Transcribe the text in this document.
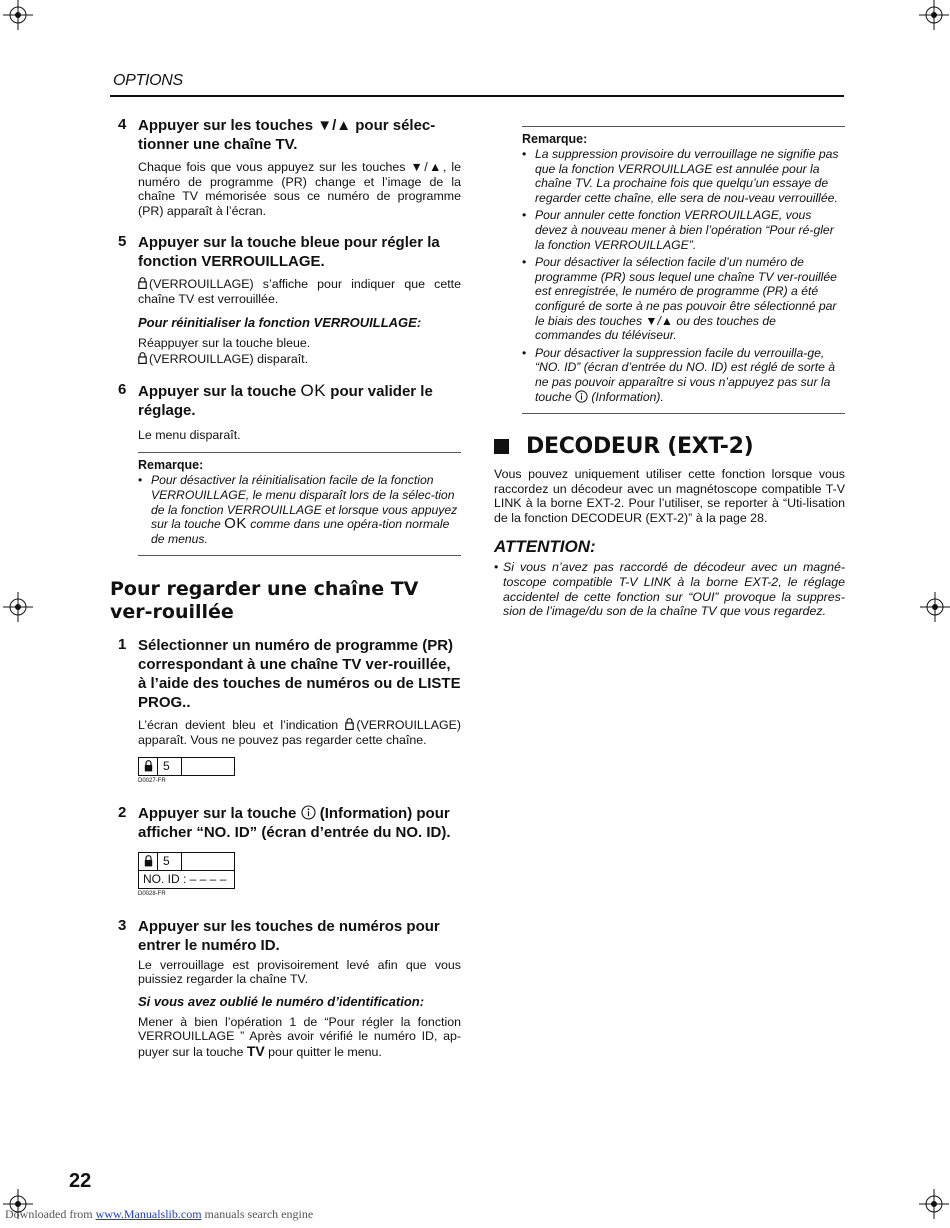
OPTIONS
4 Appuyer sur les touches ▼/▲ pour sélec-tionner une chaîne TV.

Chaque fois que vous appuyez sur les touches ▼/▲, le numéro de programme (PR) change et l’image de la chaîne TV mémorisée sous ce numéro de programme (PR) apparaît à l’écran.

5 Appuyer sur la touche bleue pour régler la fonction VERROUILLAGE.

(VERROUILLAGE) s’affiche pour indiquer que cette chaîne TV est verrouillée.

Pour réinitialiser la fonction VERROUILLAGE:

Réappuyer sur la touche bleue.

(VERROUILLAGE) disparaît.

6 Appuyer sur la touche OK pour valider le réglage.

Le menu disparaît.

Remarque:

• Pour désactiver la réinitialisation facile de la fonction VERROUILLAGE, le menu disparaît lors de la sélec-tion de la fonction VERROUILLAGE et lorsque vous appuyez sur la touche OK comme dans une opéra-tion normale de menus.

Pour regarder une chaîne TV ver-rouillée

1 Sélectionner un numéro de programme (PR) correspondant à une chaîne TV ver-rouillée, à l’aide des touches de numéros ou de LISTE PROG..

L’écran devient bleu et l’indication (VERROUILLAGE) apparaît. Vous ne pouvez pas regarder cette chaîne.

5
D0027-FR
2 Appuyer sur la touche  (Information) pour afficher “NO. ID” (écran d’entrée du NO. ID).

5
NO. ID : – – – –
D0028-FR
3 Appuyer sur les touches de numéros pour entrer le numéro ID.

Le verrouillage est provisoirement levé afin que vous puissiez regarder la chaîne TV.

Si vous avez oublié le numéro d’identification:

Mener à bien l’opération 1 de “Pour régler la fonction VERROUILLAGE ” Après avoir vérifié le numéro ID, ap-puyer sur la touche TV pour quitter le menu.

Remarque:

• La suppression provisoire du verrouillage ne signifie pas que la fonction VERROUILLAGE est annulée pour la chaîne TV. La prochaine fois que quelqu’un essaye de regarder cette chaîne, elle sera de nou-veau verrouillée.

• Pour annuler cette fonction VERROUILLAGE, vous devez à nouveau mener à bien l’opération “Pour ré-gler la fonction VERROUILLAGE”.

• Pour désactiver la sélection facile d’un numéro de programme (PR) sous lequel une chaîne TV ver-rouillée est enregistrée, le numéro de programme (PR) a été configuré de sorte à ne pas pouvoir être sélectionné par le biais des touches ▼/▲ ou des touches de commandes du téléviseur.

• Pour désactiver la suppression facile du verrouilla-ge, “NO. ID” (écran d’entrée du NO. ID) est réglé de sorte à ne pas pouvoir apparaître si vous n’appuyez pas sur la touche  (Information).

DECODEUR (EXT-2)

Vous pouvez uniquement utiliser cette fonction lorsque vous raccordez un décodeur avec un magnétoscope compatible T-V LINK à la borne EXT-2. Pour l’utiliser, se reporter à “Uti-lisation de la fonction DECODEUR (EXT-2)” à la page 28.

ATTENTION:

• Si vous n’avez pas raccordé de décodeur avec un magné-toscope compatible T-V LINK à la borne EXT-2, le réglage accidentel de cette fonction sur “OUI” provoque la suppres-sion de l’image/du son de la chaîne TV que vous regardez.

22
Downloaded from www.Manualslib.com manuals search engine
